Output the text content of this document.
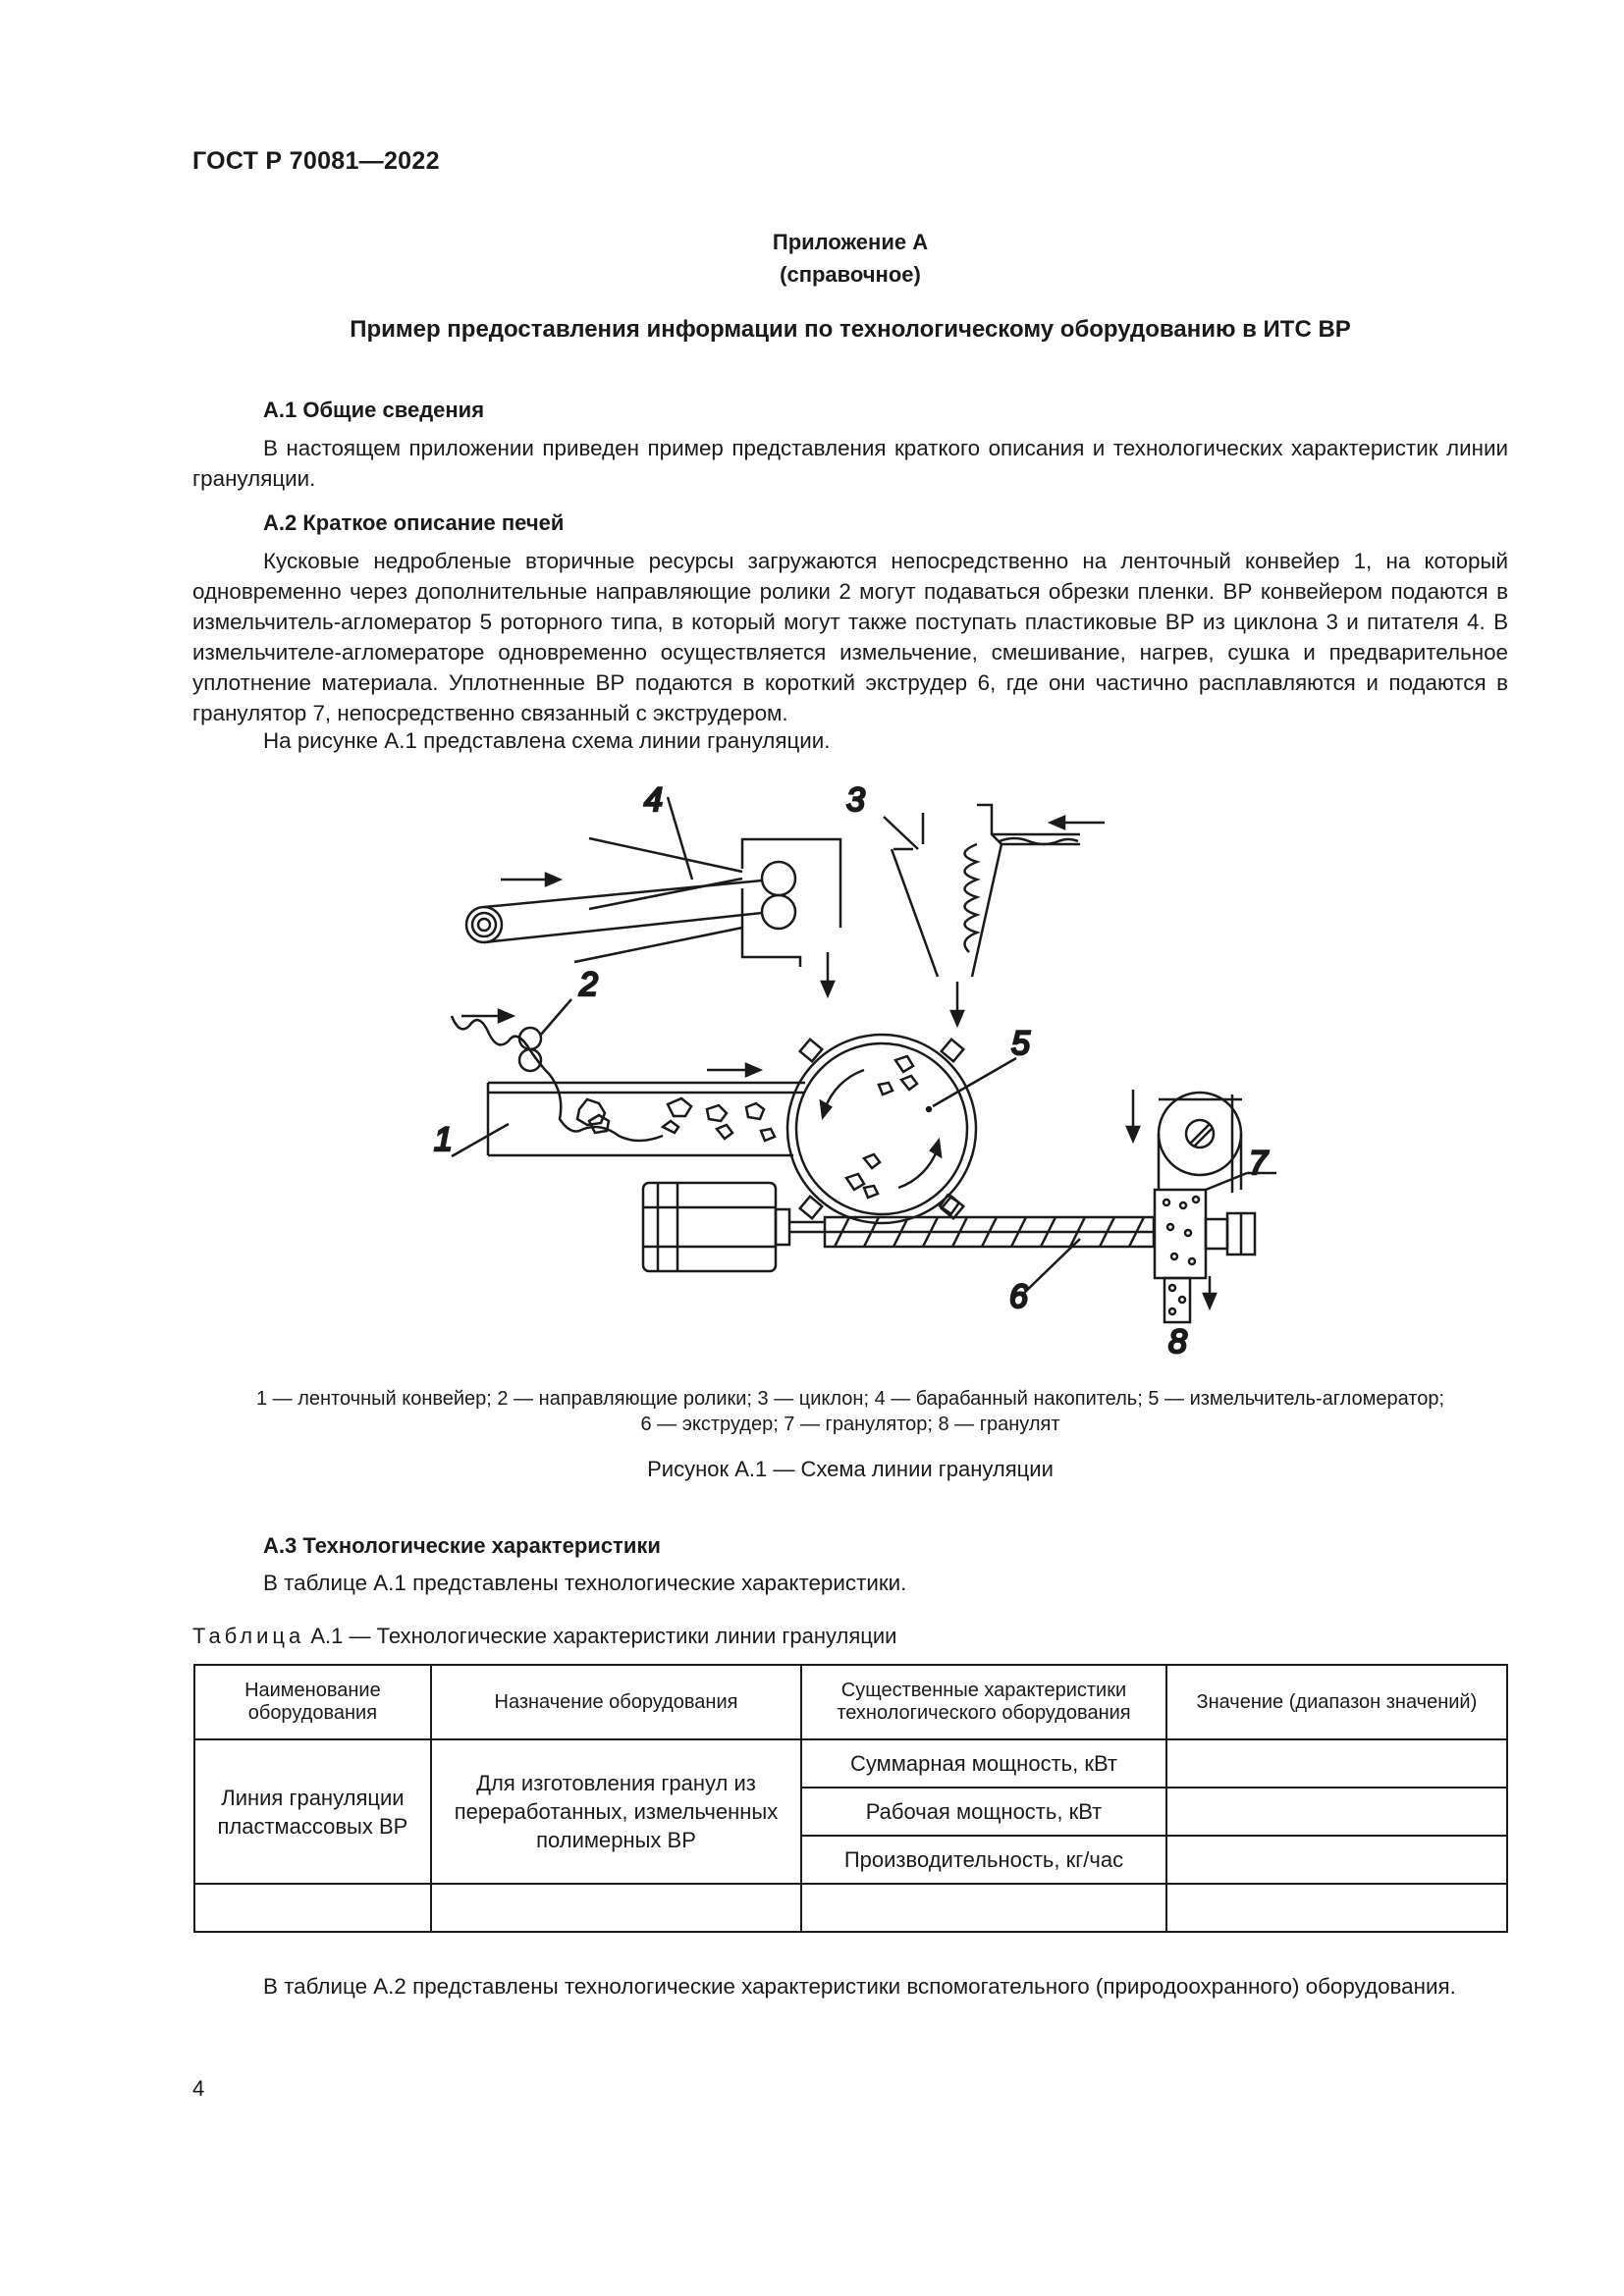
ГОСТ Р 70081—2022
Приложение А
(справочное)
Пример предоставления информации по технологическому оборудованию в ИТС ВР
А.1 Общие сведения
В настоящем приложении приведен пример представления краткого описания и технологических характеристик линии грануляции.
А.2 Краткое описание печей
Кусковые недробленые вторичные ресурсы загружаются непосредственно на ленточный конвейер 1, на который одновременно через дополнительные направляющие ролики 2 могут подаваться обрезки пленки. ВР конвейером подаются в измельчитель-агломератор 5 роторного типа, в который могут также поступать пластиковые ВР из циклона 3 и питателя 4. В измельчителе-агломераторе одновременно осуществляется измельчение, смешивание, нагрев, сушка и предварительное уплотнение материала. Уплотненные ВР подаются в короткий экструдер 6, где они частично расплавляются и подаются в гранулятор 7, непосредственно связанный с экструдером.
На рисунке А.1 представлена схема линии грануляции.
4	3
2
5
1
7
6
8
1 — ленточный конвейер; 2 — направляющие ролики; 3 — циклон; 4 — барабанный накопитель; 5 — измельчитель-агломератор;
6 — экструдер; 7 — гранулятор; 8 — гранулят
Рисунок А.1 — Схема линии грануляции
А.3 Технологические характеристики
В таблице А.1 представлены технологические характеристики.
Таблица А.1 — Технологические характеристики линии грануляции
Наименование оборудования	Назначение оборудования	Существенные характеристики технологического оборудования	Значение (диапазон значений)
Линия грануляции пластмассовых ВР	Для изготовления гранул из переработанных, измельченных полимерных ВР	Суммарная мощность, кВт	
		Рабочая мощность, кВт	
		Производительность, кг/час	

В таблице А.2 представлены технологические характеристики вспомогательного (природоохранного) оборудования.
4
